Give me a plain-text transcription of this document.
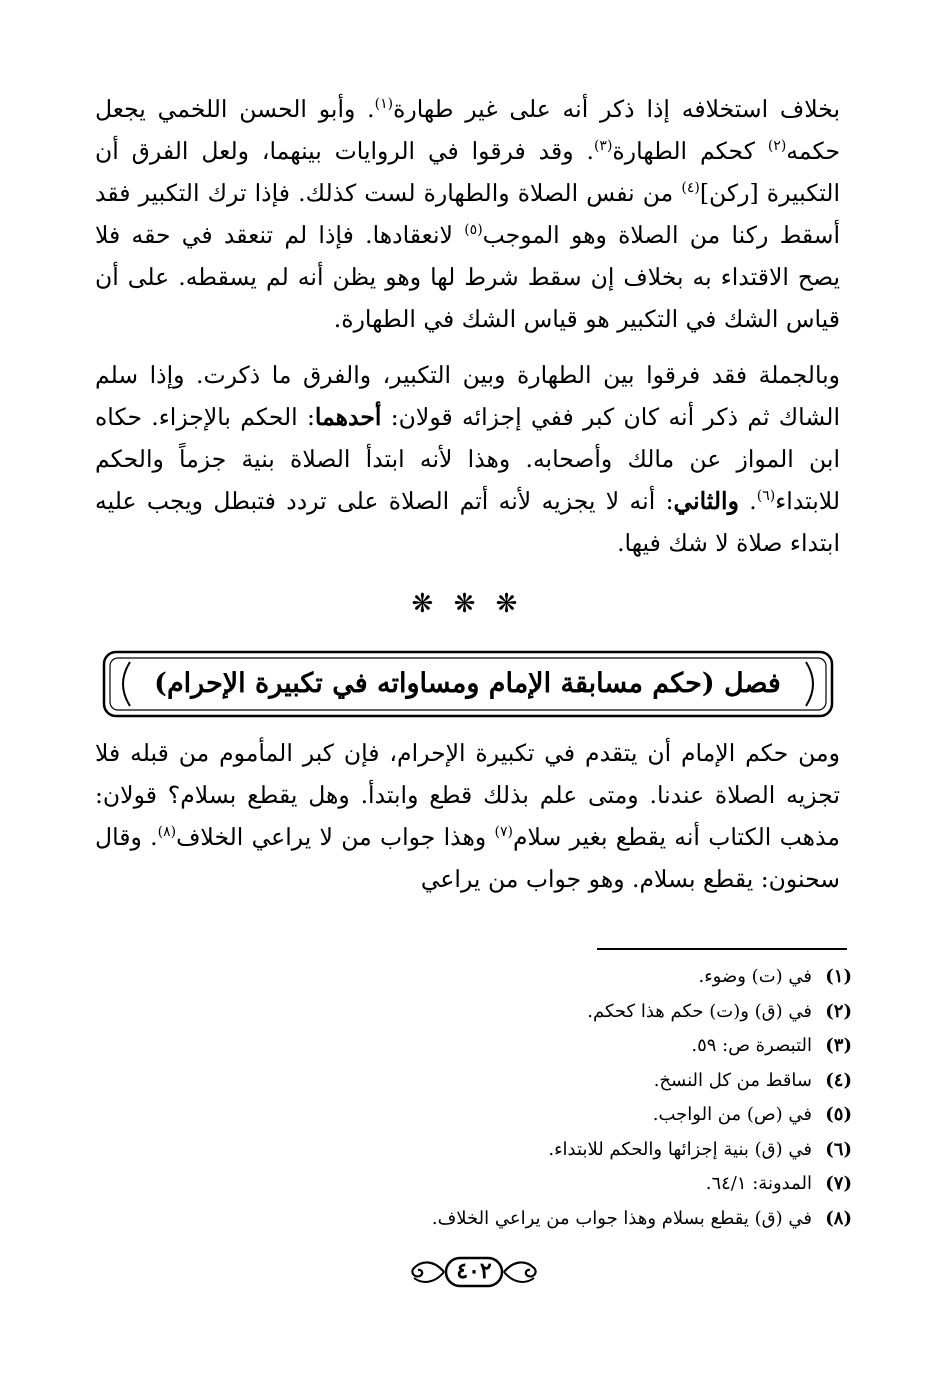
بخلاف استخلافه إذا ذكر أنه على غير طهارة$^{(١)}$. وأبو الحسن اللخمي يجعل حكمه$^{(٢)}$ كحكم الطهارة$^{(٣)}$. وقد فرقوا في الروايات بينهما، ولعل الفرق أن التكبيرة [ركن]$^{(٤)}$ من نفس الصلاة والطهارة لست كذلك. فإذا ترك التكبير فقد أسقط ركنا من الصلاة وهو الموجب$^{(٥)}$ لانعقادها. فإذا لم تنعقد في حقه فلا يصح الاقتداء به بخلاف إن سقط شرط لها وهو يظن أنه لم يسقطه. على أن قياس الشك في التكبير هو قياس الشك في الطهارة.

وبالجملة فقد فرقوا بين الطهارة وبين التكبير، والفرق ما ذكرت. وإذا سلم الشاك ثم ذكر أنه كان كبر ففي إجزائه قولان: أحدهما: الحكم بالإجزاء. حكاه ابن المواز عن مالك وأصحابه. وهذا لأنه ابتدأ الصلاة بنية جزماً والحكم للابتداء$^{(٦)}$. والثاني: أنه لا يجزيه لأنه أتم الصلاة على تردد فتبطل ويجب عليه ابتداء صلاة لا شك فيها.

❋ ❋ ❋
فصل (حكم مسابقة الإمام ومساواته في تكبيرة الإحرام)

ومن حكم الإمام أن يتقدم في تكبيرة الإحرام، فإن كبر المأموم من قبله فلا تجزيه الصلاة عندنا. ومتى علم بذلك قطع وابتدأ. وهل يقطع بسلام؟ قولان: مذهب الكتاب أنه يقطع بغير سلام$^{(٧)}$ وهذا جواب من لا يراعي الخلاف$^{(٨)}$. وقال سحنون: يقطع بسلام. وهو جواب من يراعي

(١)في (ت) وضوء.
(٢)في (ق) و(ت) حكم هذا كحكم.
(٣)التبصرة ص: ٥٩.
(٤)ساقط من كل النسخ.
(٥)في (ص) من الواجب.
(٦)في (ق) بنية إجزائها والحكم للابتداء.
(٧)المدونة: ٦٤/١.
(٨)في (ق) يقطع بسلام وهذا جواب من يراعي الخلاف.
٤٠٢
